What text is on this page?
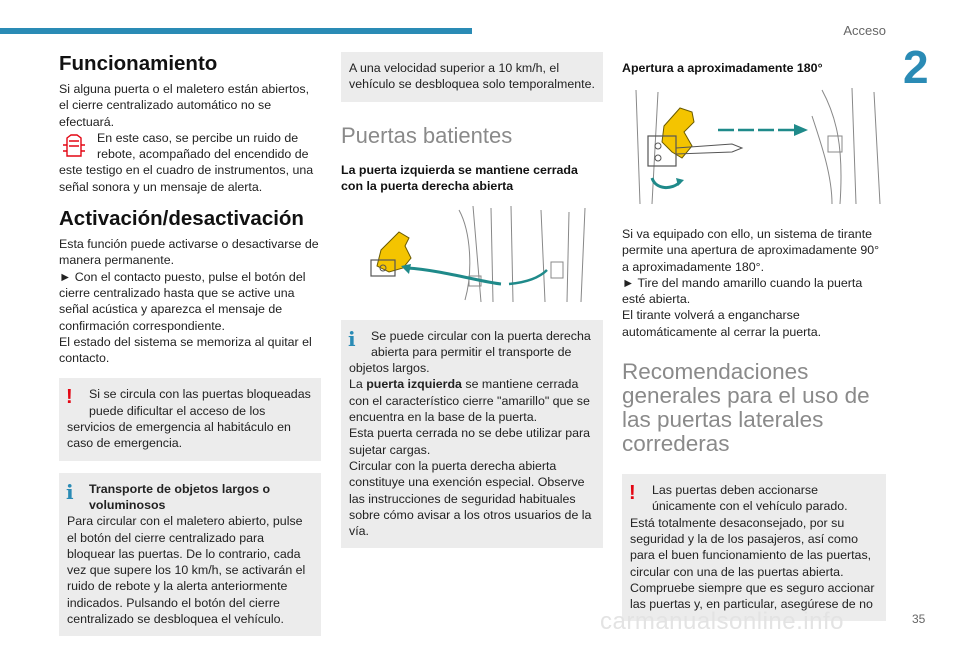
Acceso
2
Funcionamiento

Si alguna puerta o el maletero están abiertos, el cierre centralizado automático no se efectuará.

En este caso, se percibe un ruido de rebote, acompañado del encendido de

este testigo en el cuadro de instrumentos, una señal sonora y un mensaje de alerta.

Activación/desactivación

Esta función puede activarse o desactivarse de manera permanente.

► Con el contacto puesto, pulse el botón del cierre centralizado hasta que se active una señal acústica y aparezca el mensaje de confirmación correspondiente.

El estado del sistema se memoriza al quitar el contacto.

!	Si se circula con las puertas bloqueadas puede dificultar el acceso de los

servicios de emergencia al habitáculo en caso de emergencia.

i	Transporte de objetos largos o voluminosos

Para circular con el maletero abierto, pulse el botón del cierre centralizado para bloquear las puertas. De lo contrario, cada vez que supere los 10 km/h, se activarán el ruido de rebote y la alerta anteriormente indicados. Pulsando el botón del cierre centralizado se desbloquea el vehículo.

A una velocidad superior a 10 km/h, el vehículo se desbloquea solo temporalmente.

Puertas batientes
La puerta izquierda se mantiene cerrada con la puerta derecha abierta
i	Se puede circular con la puerta derecha abierta para permitir el transporte de

objetos largos.

La puerta izquierda se mantiene cerrada con el característico cierre "amarillo" que se encuentra en la base de la puerta.

Esta puerta cerrada no se debe utilizar para sujetar cargas.

Circular con la puerta derecha abierta constituye una exención especial. Observe las instrucciones de seguridad habituales sobre cómo avisar a los otros usuarios de la vía.

Apertura a aproximadamente 180°

Si va equipado con ello, un sistema de tirante permite una apertura de aproximadamente 90° a aproximadamente 180°.

► Tire del mando amarillo cuando la puerta esté abierta.

El tirante volverá a engancharse automáticamente al cerrar la puerta.

Recomendaciones generales para el uso de las puertas laterales correderas
!	Las puertas deben accionarse únicamente con el vehículo parado.

Está totalmente desaconsejado, por su seguridad y la de los pasajeros, así como para el buen funcionamiento de las puertas, circular con una de las puertas abierta. Compruebe siempre que es seguro accionar las puertas y, en particular, asegúrese de no

carmanualsonline.info	35
